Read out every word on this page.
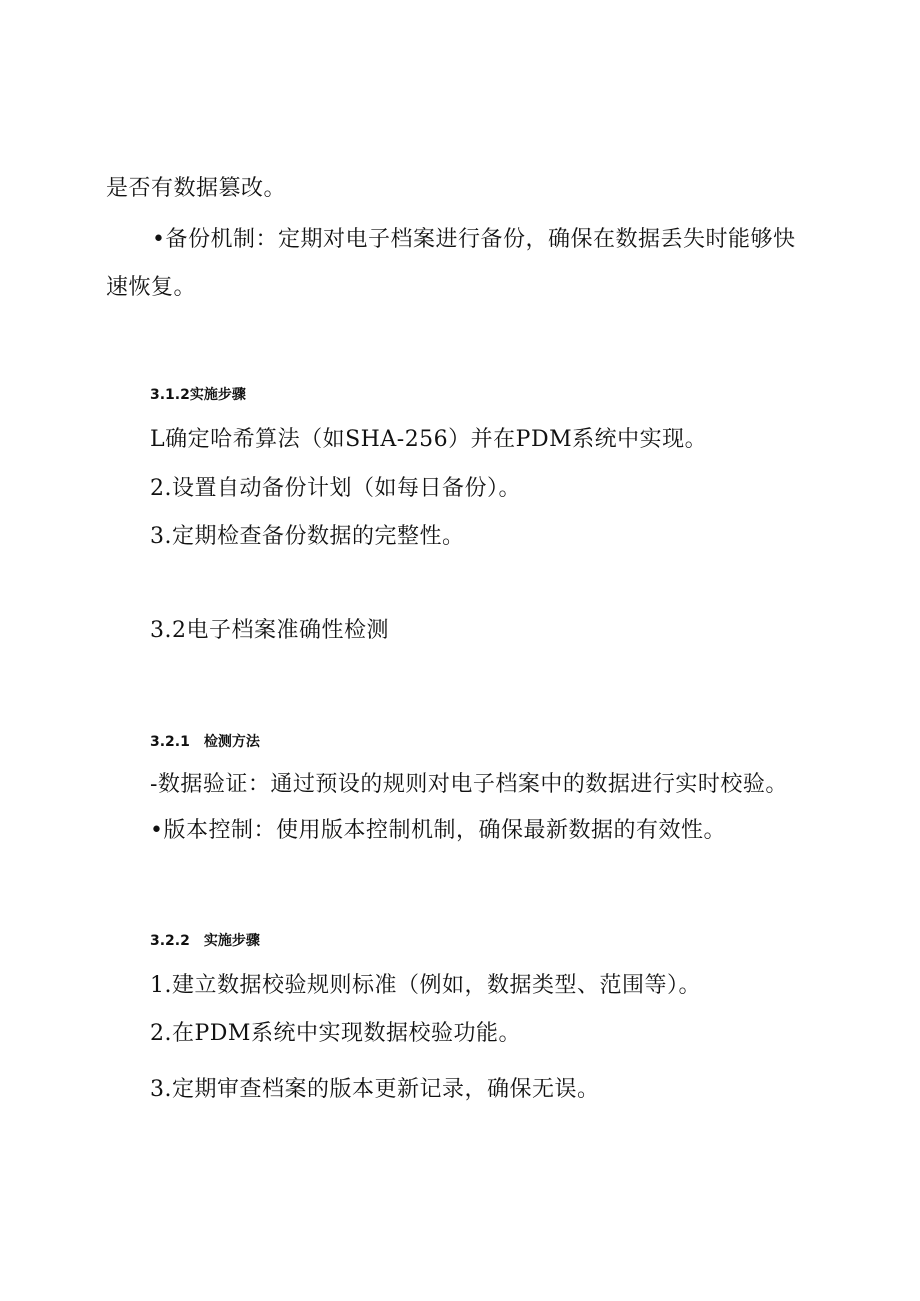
是否有数据篡改。
•备份机制：定期对电子档案进行备份，确保在数据丢失时能够快
速恢复。
3.1.2实施步骤
L确定哈希算法（如SHA-256）并在PDM系统中实现。
2.设置自动备份计划（如每日备份）。
3.定期检查备份数据的完整性。
3.2电子档案准确性检测
3.2.1　检测方法
-数据验证：通过预设的规则对电子档案中的数据进行实时校验。
•版本控制：使用版本控制机制，确保最新数据的有效性。
3.2.2　实施步骤
1.建立数据校验规则标准（例如，数据类型、范围等）。
2.在PDM系统中实现数据校验功能。
3.定期审查档案的版本更新记录，确保无误。
